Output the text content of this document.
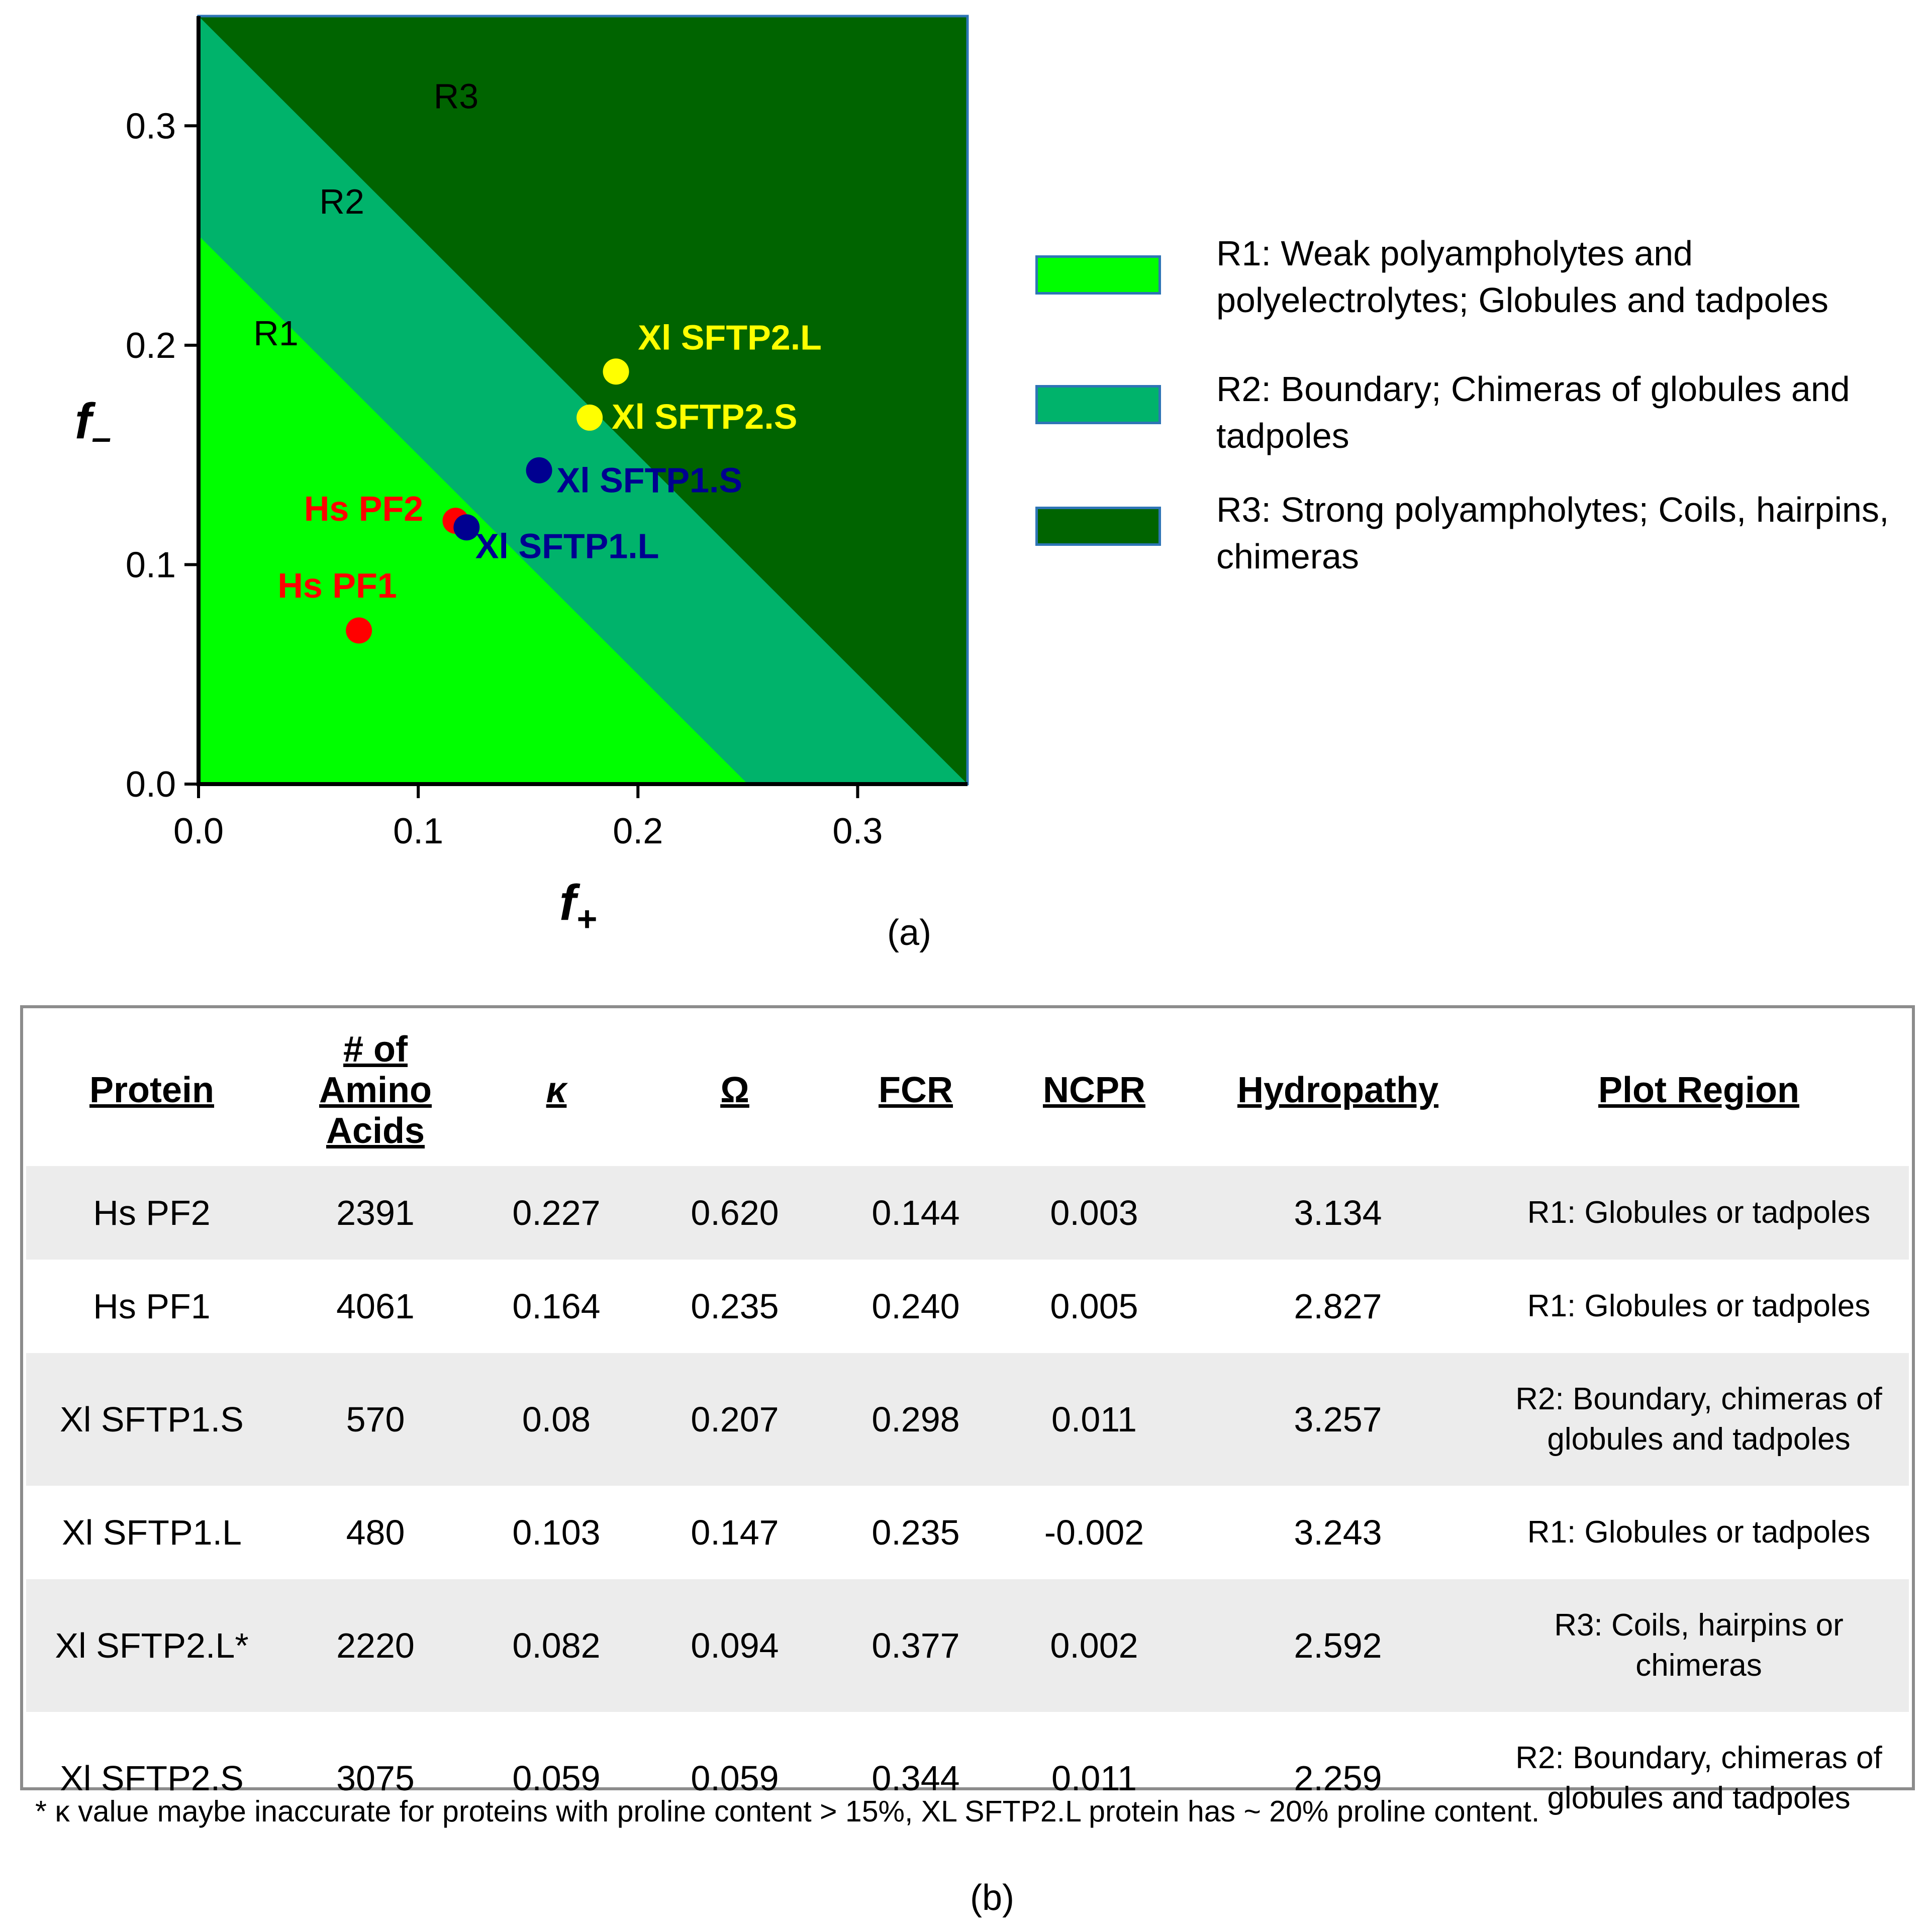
0.0	0.1	0.2	0.3
0.0
0.1
0.2
0.3
R1
R2
R3
Hs PF2
Hs PF1
Xl SFTP1.S
Xl SFTP1.L
Xl SFTP2.L
Xl SFTP2.S
$f_+$
$f_-$
R1: Weak polyampholytes and polyelectrolytes; Globules and tadpoles
R2: Boundary; Chimeras of globules and tadpoles
R3: Strong polyampholytes; Coils, hairpins, chimeras
(a)
Protein	# of
Amino
Acids	κ	Ω	FCR	NCPR	Hydropathy	Plot Region
Hs PF2	2391	0.227	0.620	0.144	0.003	3.134	R1: Globules or tadpoles

Hs PF1	4061	0.164	0.235	0.240	0.005	2.827	R1: Globules or tadpoles

Xl SFTP1.S	570	0.08	0.207	0.298	0.011	3.257	R2: Boundary, chimeras of
globules and tadpoles

Xl SFTP1.L	480	0.103	0.147	0.235	-0.002	3.243	R1: Globules or tadpoles

Xl SFTP2.L*	2220	0.082	0.094	0.377	0.002	2.592	R3: Coils, hairpins or
chimeras

Xl SFTP2.S	3075	0.059	0.059	0.344	0.011	2.259	R2: Boundary, chimeras of
globules and tadpoles
* κ value maybe inaccurate for proteins with proline content > 15%, XL SFTP2.L protein has ~ 20% proline content.
(b)
